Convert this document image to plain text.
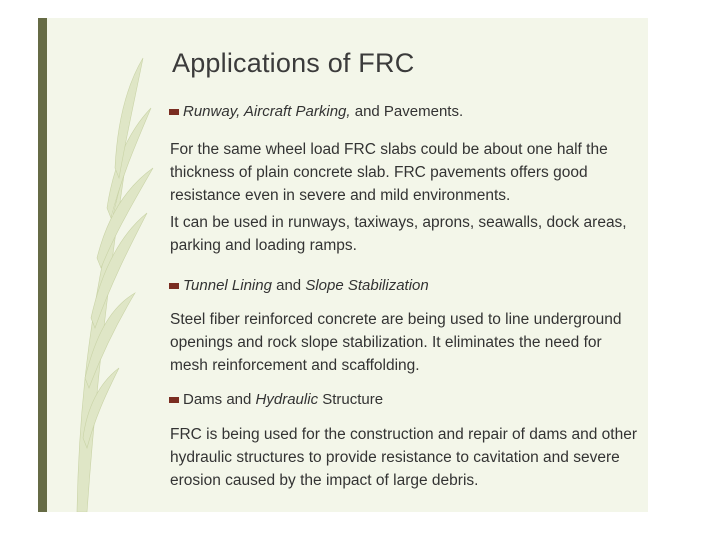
Applications of FRC
Runway, Aircraft Parking, and Pavements.

For the same wheel load FRC slabs could be about one half the thickness of plain concrete slab. FRC pavements offers good resistance even in severe and mild environments.

It can be used in runways, taxiways, aprons, seawalls, dock areas, parking and loading ramps.

Tunnel Lining and Slope Stabilization

Steel fiber reinforced concrete are being used to line underground openings and rock slope stabilization. It eliminates the need for mesh reinforcement and scaffolding.

Dams and Hydraulic Structure

FRC is being used for the construction and repair of dams and other hydraulic structures to provide resistance to cavitation and severe erosion caused by the impact of large debris.
